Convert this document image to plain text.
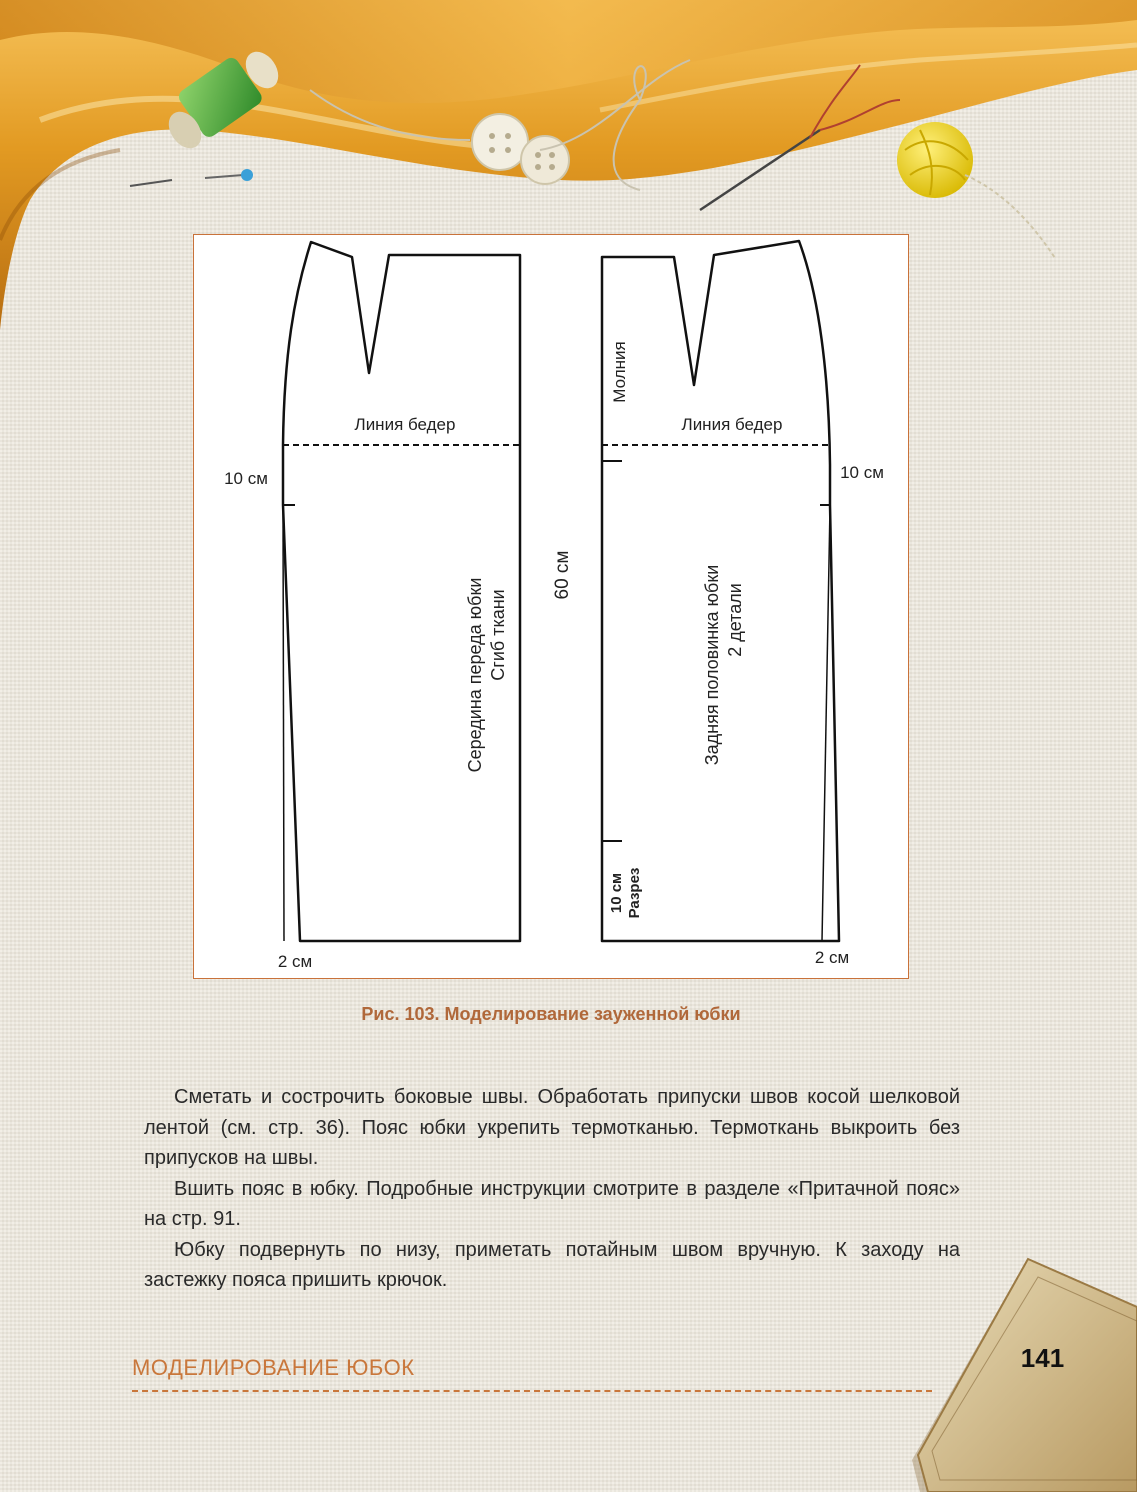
Линия бедер
10 см
Середина переда юбки Сгиб ткани
2 см
60 см
Молния
Линия бедер
10 см
Задняя половинка юбки 2 детали
10 см Разрез
2 см
Рис. 103. Моделирование зауженной юбки

Сметать и сострочить боковые швы. Обработать припуски швов косой шелковой лентой (см. стр. 36). Пояс юбки укрепить термотканью. Термоткань выкроить без припусков на швы.

Вшить пояс в юбку. Подробные инструкции смотрите в разделе «Притачной пояс» на стр. 91.

Юбку подвернуть по низу, приметать потайным швом вручную. К заходу на застежку пояса пришить крючок.

МОДЕЛИРОВАНИЕ ЮБОК	141
